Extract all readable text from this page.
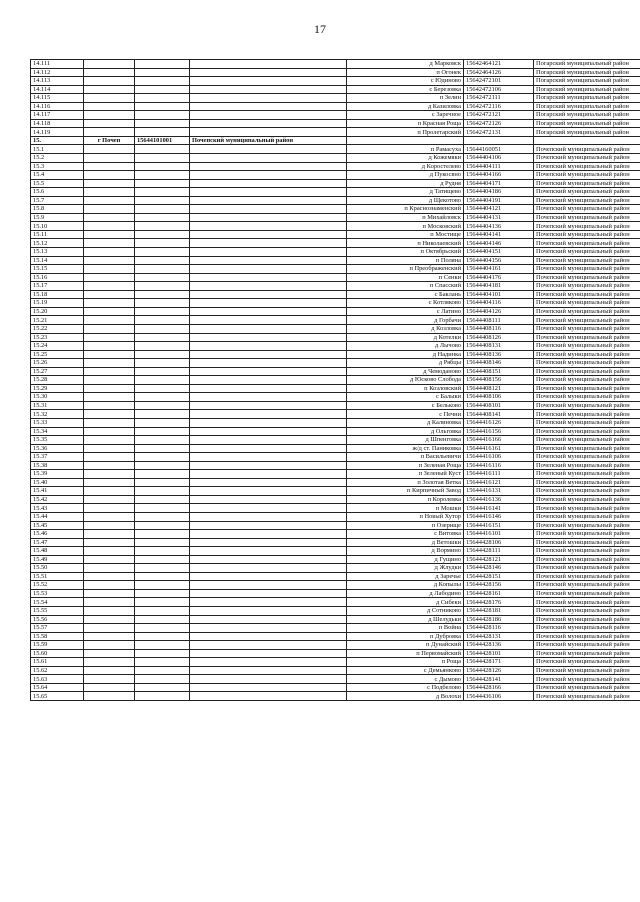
17
14.111				д Марковск	15642464121	Погарский муниципальный район
14.112				п Огонек	15642464126	Погарский муниципальный район
14.113				с Юдиново	15642472101	Погарский муниципальный район
14.114				с Березовка	15642472106	Погарский муниципальный район
14.115				п Зелин	15642472111	Погарский муниципальный район
14.116				д Казиловка	15642472116	Погарский муниципальный район
14.117				с Заречное	15642472121	Погарский муниципальный район
14.118				п Красная Роща	15642472126	Погарский муниципальный район
14.119				п Пролетарский	15642472131	Погарский муниципальный район
15.	г Почеп	15644101001	Почепский муниципальный район			
15.1				п Рамасуха	15644160051	Почепский муниципальный район
15.2				д Кожемяки	15644404106	Почепский муниципальный район
15.3				д Коростелево	15644404111	Почепский муниципальный район
15.4				д Пукосвно	15644404166	Почепский муниципальный район
15.5				д Рудня	15644404171	Почепский муниципальный район
15.6				д Татищево	15644404186	Почепский муниципальный район
15.7				д Щекотово	15644404191	Почепский муниципальный район
15.8				п Краснознаменский	15644404121	Почепский муниципальный район
15.9				п Михайловск	15644404131	Почепский муниципальный район
15.10				п Московский	15644404136	Почепский муниципальный район
15.11				п Мостище	15644404141	Почепский муниципальный район
15.12				п Николаевский	15644404146	Почепский муниципальный район
15.13				п Октябрьский	15644404151	Почепский муниципальный район
15.14				п Поляна	15644404156	Почепский муниципальный район
15.15				п Преображенский	15644404161	Почепский муниципальный район
15.16				п Сенки	15644404176	Почепский муниципальный район
15.17				п Спасский	15644404181	Почепский муниципальный район
15.18				с Баклань	15644404101	Почепский муниципальный район
15.19				с Котляково	15644404116	Почепский муниципальный район
15.20				с Латино	15644404126	Почепский муниципальный район
15.21				д Горбачи	15644408111	Почепский муниципальный район
15.22				д Козловка	15644408116	Почепский муниципальный район
15.23				д Котелки	15644408126	Почепский муниципальный район
15.24				д Лычово	15644408131	Почепский муниципальный район
15.25				д Надинка	15644408136	Почепский муниципальный район
15.26				д Рябцы	15644408146	Почепский муниципальный район
15.27				д Чемоданово	15644408151	Почепский муниципальный район
15.28				д Юсково Слобода	15644408156	Почепский муниципальный район
15.29				п Козловский	15644408121	Почепский муниципальный район
15.30				с Балыки	15644408106	Почепский муниципальный район
15.31				с Бельково	15644408101	Почепский муниципальный район
15.32				с Печни	15644408141	Почепский муниципальный район
15.33				д Калиновка	15644416126	Почепский муниципальный район
15.34				д Ольговка	15644416156	Почепский муниципальный район
15.35				д Шпенговка	15644416166	Почепский муниципальный район
15.36				ж/д ст. Паниковка	15644416161	Почепский муниципальный район
15.37				п Васильевичи	15644416106	Почепский муниципальный район
15.38				п Зеленая Роща	15644416116	Почепский муниципальный район
15.39				п Зеленый Куст	15644416111	Почепский муниципальный район
15.40				п Золотая Ветка	15644416121	Почепский муниципальный район
15.41				п Кирпичный Завод	15644416131	Почепский муниципальный район
15.42				п Королевка	15644416136	Почепский муниципальный район
15.43				п Мошки	15644416141	Почепский муниципальный район
15.44				п Новый Хутор	15644416146	Почепский муниципальный район
15.45				п Озерище	15644416151	Почепский муниципальный район
15.46				с Витовка	15644416101	Почепский муниципальный район
15.47				д Ветошки	15644428106	Почепский муниципальный район
15.48				д Вормино	15644428111	Почепский муниципальный район
15.49				д Гущино	15644428121	Почепский муниципальный район
15.50				д Жлудки	15644428146	Почепский муниципальный район
15.51				д Заречье	15644428151	Почепский муниципальный район
15.52				д Копылы	15644428156	Почепский муниципальный район
15.53				д Лабодино	15644428161	Почепский муниципальный район
15.54				д Сибеки	15644428176	Почепский муниципальный район
15.55				д Сотниково	15644428181	Почепский муниципальный район
15.56				д Шелудьки	15644428186	Почепский муниципальный район
15.57				п Война	15644428116	Почепский муниципальный район
15.58				п Дубровка	15644428131	Почепский муниципальный район
15.59				п Дунайский	15644428136	Почепский муниципальный район
15.60				п Первомайский	15644428101	Почепский муниципальный район
15.61				п Роща	15644428171	Почепский муниципальный район
15.62				с Демьянково	15644428126	Почепский муниципальный район
15.63				с Дымово	15644428141	Почепский муниципальный район
15.64				с Подбелово	15644428166	Почепский муниципальный район
15.65				д Волохи	15644436106	Почепский муниципальный район
